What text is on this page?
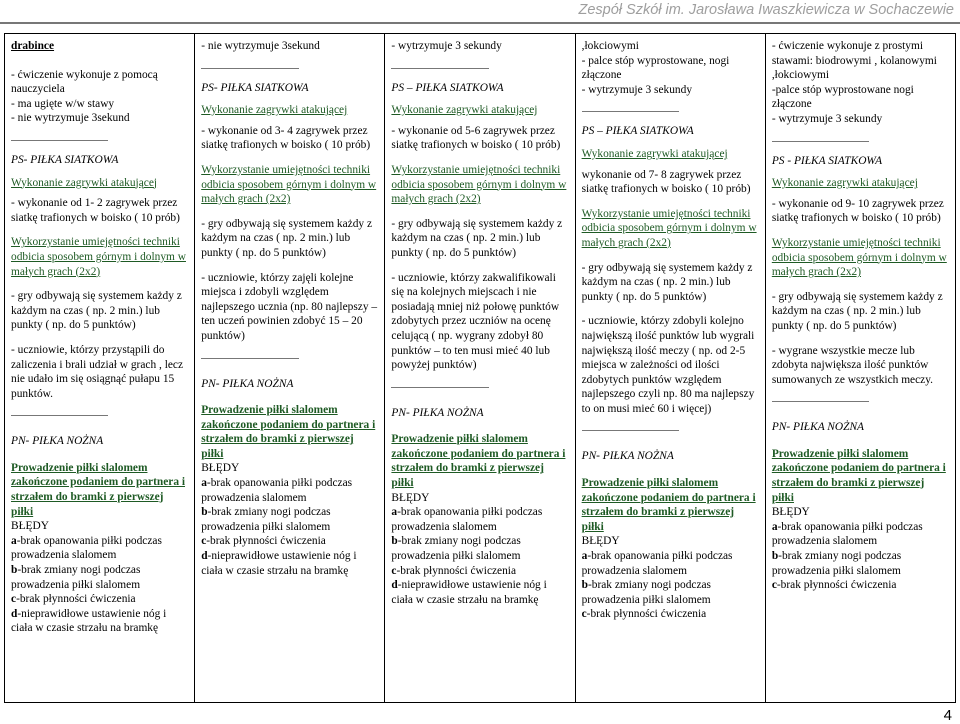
Zespół Szkół im. Jarosława Iwaszkiewicza w Sochaczewie

drabince

- ćwiczenie wykonuje z pomocą nauczyciela

- ma ugięte w/w stawy

- nie wytrzymuje 3sekund

PS- PIŁKA SIATKOWA

Wykonanie zagrywki atakującej

- wykonanie od 1- 2 zagrywek przez siatkę trafionych w boisko ( 10 prób)

Wykorzystanie umiejętności techniki odbicia sposobem górnym i dolnym w małych grach (2x2)

- gry odbywają się systemem każdy z każdym na czas ( np. 2 min.) lub punkty ( np. do 5 punktów)

- uczniowie, którzy przystąpili do zaliczenia i brali udział w grach , lecz nie udało im się osiągnąć pułapu 15 punktów.

PN- PIŁKA NOŻNA

Prowadzenie piłki slalomem zakończone podaniem do partnera i strzałem do bramki z pierwszej piłki

BŁĘDY

a-brak opanowania piłki podczas prowadzenia slalomem

b-brak zmiany nogi podczas prowadzenia piłki slalomem

c-brak płynności ćwiczenia

d-nieprawidłowe ustawienie nóg i ciała w czasie strzału na bramkę

- nie wytrzymuje 3sekund

PS- PIŁKA SIATKOWA

Wykonanie zagrywki atakującej

- wykonanie od 3- 4 zagrywek przez siatkę trafionych w boisko ( 10 prób)

Wykorzystanie umiejętności techniki odbicia sposobem górnym i dolnym w małych grach (2x2)

- gry odbywają się systemem każdy z każdym na czas ( np. 2 min.) lub punkty ( np. do 5 punktów)

- uczniowie, którzy zajęli kolejne miejsca i zdobyli względem najlepszego ucznia (np. 80 najlepszy – ten uczeń powinien zdobyć 15 – 20 punktów)

PN- PIŁKA NOŻNA

Prowadzenie piłki slalomem zakończone podaniem do partnera i strzałem do bramki z pierwszej piłki

BŁĘDY

a-brak opanowania piłki podczas prowadzenia slalomem

b-brak zmiany nogi podczas prowadzenia piłki slalomem

c-brak płynności ćwiczenia

d-nieprawidłowe ustawienie nóg i ciała w czasie strzału na bramkę

- wytrzymuje 3 sekundy

PS – PIŁKA SIATKOWA

Wykonanie zagrywki atakującej

- wykonanie od 5-6 zagrywek przez siatkę trafionych w boisko ( 10 prób)

Wykorzystanie umiejętności techniki odbicia sposobem górnym i dolnym w małych grach (2x2)

- gry odbywają się systemem każdy z każdym na czas ( np. 2 min.) lub punkty ( np. do 5 punktów)

- uczniowie, którzy zakwalifikowali się na kolejnych miejscach i nie posiadają mniej niż połowę punktów zdobytych przez uczniów na ocenę celującą ( np. wygrany zdobył 80 punktów – to ten musi mieć 40 lub powyżej punktów)

PN- PIŁKA NOŻNA

Prowadzenie piłki slalomem zakończone podaniem do partnera i strzałem do bramki z pierwszej piłki

BŁĘDY

a-brak opanowania piłki podczas prowadzenia slalomem

b-brak zmiany nogi podczas prowadzenia piłki slalomem

c-brak płynności ćwiczenia

d-nieprawidłowe ustawienie nóg i ciała w czasie strzału na bramkę

,łokciowymi

- palce stóp wyprostowane, nogi złączone

- wytrzymuje 3 sekundy

PS – PIŁKA SIATKOWA

Wykonanie zagrywki atakującej

wykonanie od 7- 8 zagrywek przez siatkę trafionych w boisko ( 10 prób)

Wykorzystanie umiejętności techniki odbicia sposobem górnym i dolnym w małych grach (2x2)

- gry odbywają się systemem każdy z każdym na czas ( np. 2 min.) lub punkty ( np. do 5 punktów)

- uczniowie, którzy zdobyli kolejno największą ilość punktów lub wygrali największą ilość meczy ( np. od 2-5 miejsca w zależności od ilości zdobytych punktów względem najlepszego czyli np. 80 ma najlepszy to on musi mieć 60 i więcej)

PN- PIŁKA NOŻNA

Prowadzenie piłki slalomem zakończone podaniem do partnera i strzałem do bramki z pierwszej piłki

BŁĘDY

a-brak opanowania piłki podczas prowadzenia slalomem

b-brak zmiany nogi podczas prowadzenia piłki slalomem

c-brak płynności ćwiczenia

- ćwiczenie wykonuje z prostymi stawami: biodrowymi , kolanowymi ,łokciowymi

-palce stóp wyprostowane nogi złączone

- wytrzymuje 3 sekundy

PS - PIŁKA SIATKOWA

Wykonanie zagrywki atakującej

- wykonanie od 9- 10 zagrywek przez siatkę trafionych w boisko ( 10 prób)

Wykorzystanie umiejętności techniki odbicia sposobem górnym i dolnym w małych grach (2x2)

- gry odbywają się systemem każdy z każdym na czas ( np. 2 min.) lub punkty ( np. do 5 punktów)

- wygrane wszystkie mecze lub zdobyta największa ilość punktów sumowanych ze wszystkich meczy.

PN- PIŁKA NOŻNA

Prowadzenie piłki slalomem zakończone podaniem do partnera i strzałem do bramki z pierwszej piłki

BŁĘDY

a-brak opanowania piłki podczas prowadzenia slalomem

b-brak zmiany nogi podczas prowadzenia piłki slalomem

c-brak płynności ćwiczenia

4
